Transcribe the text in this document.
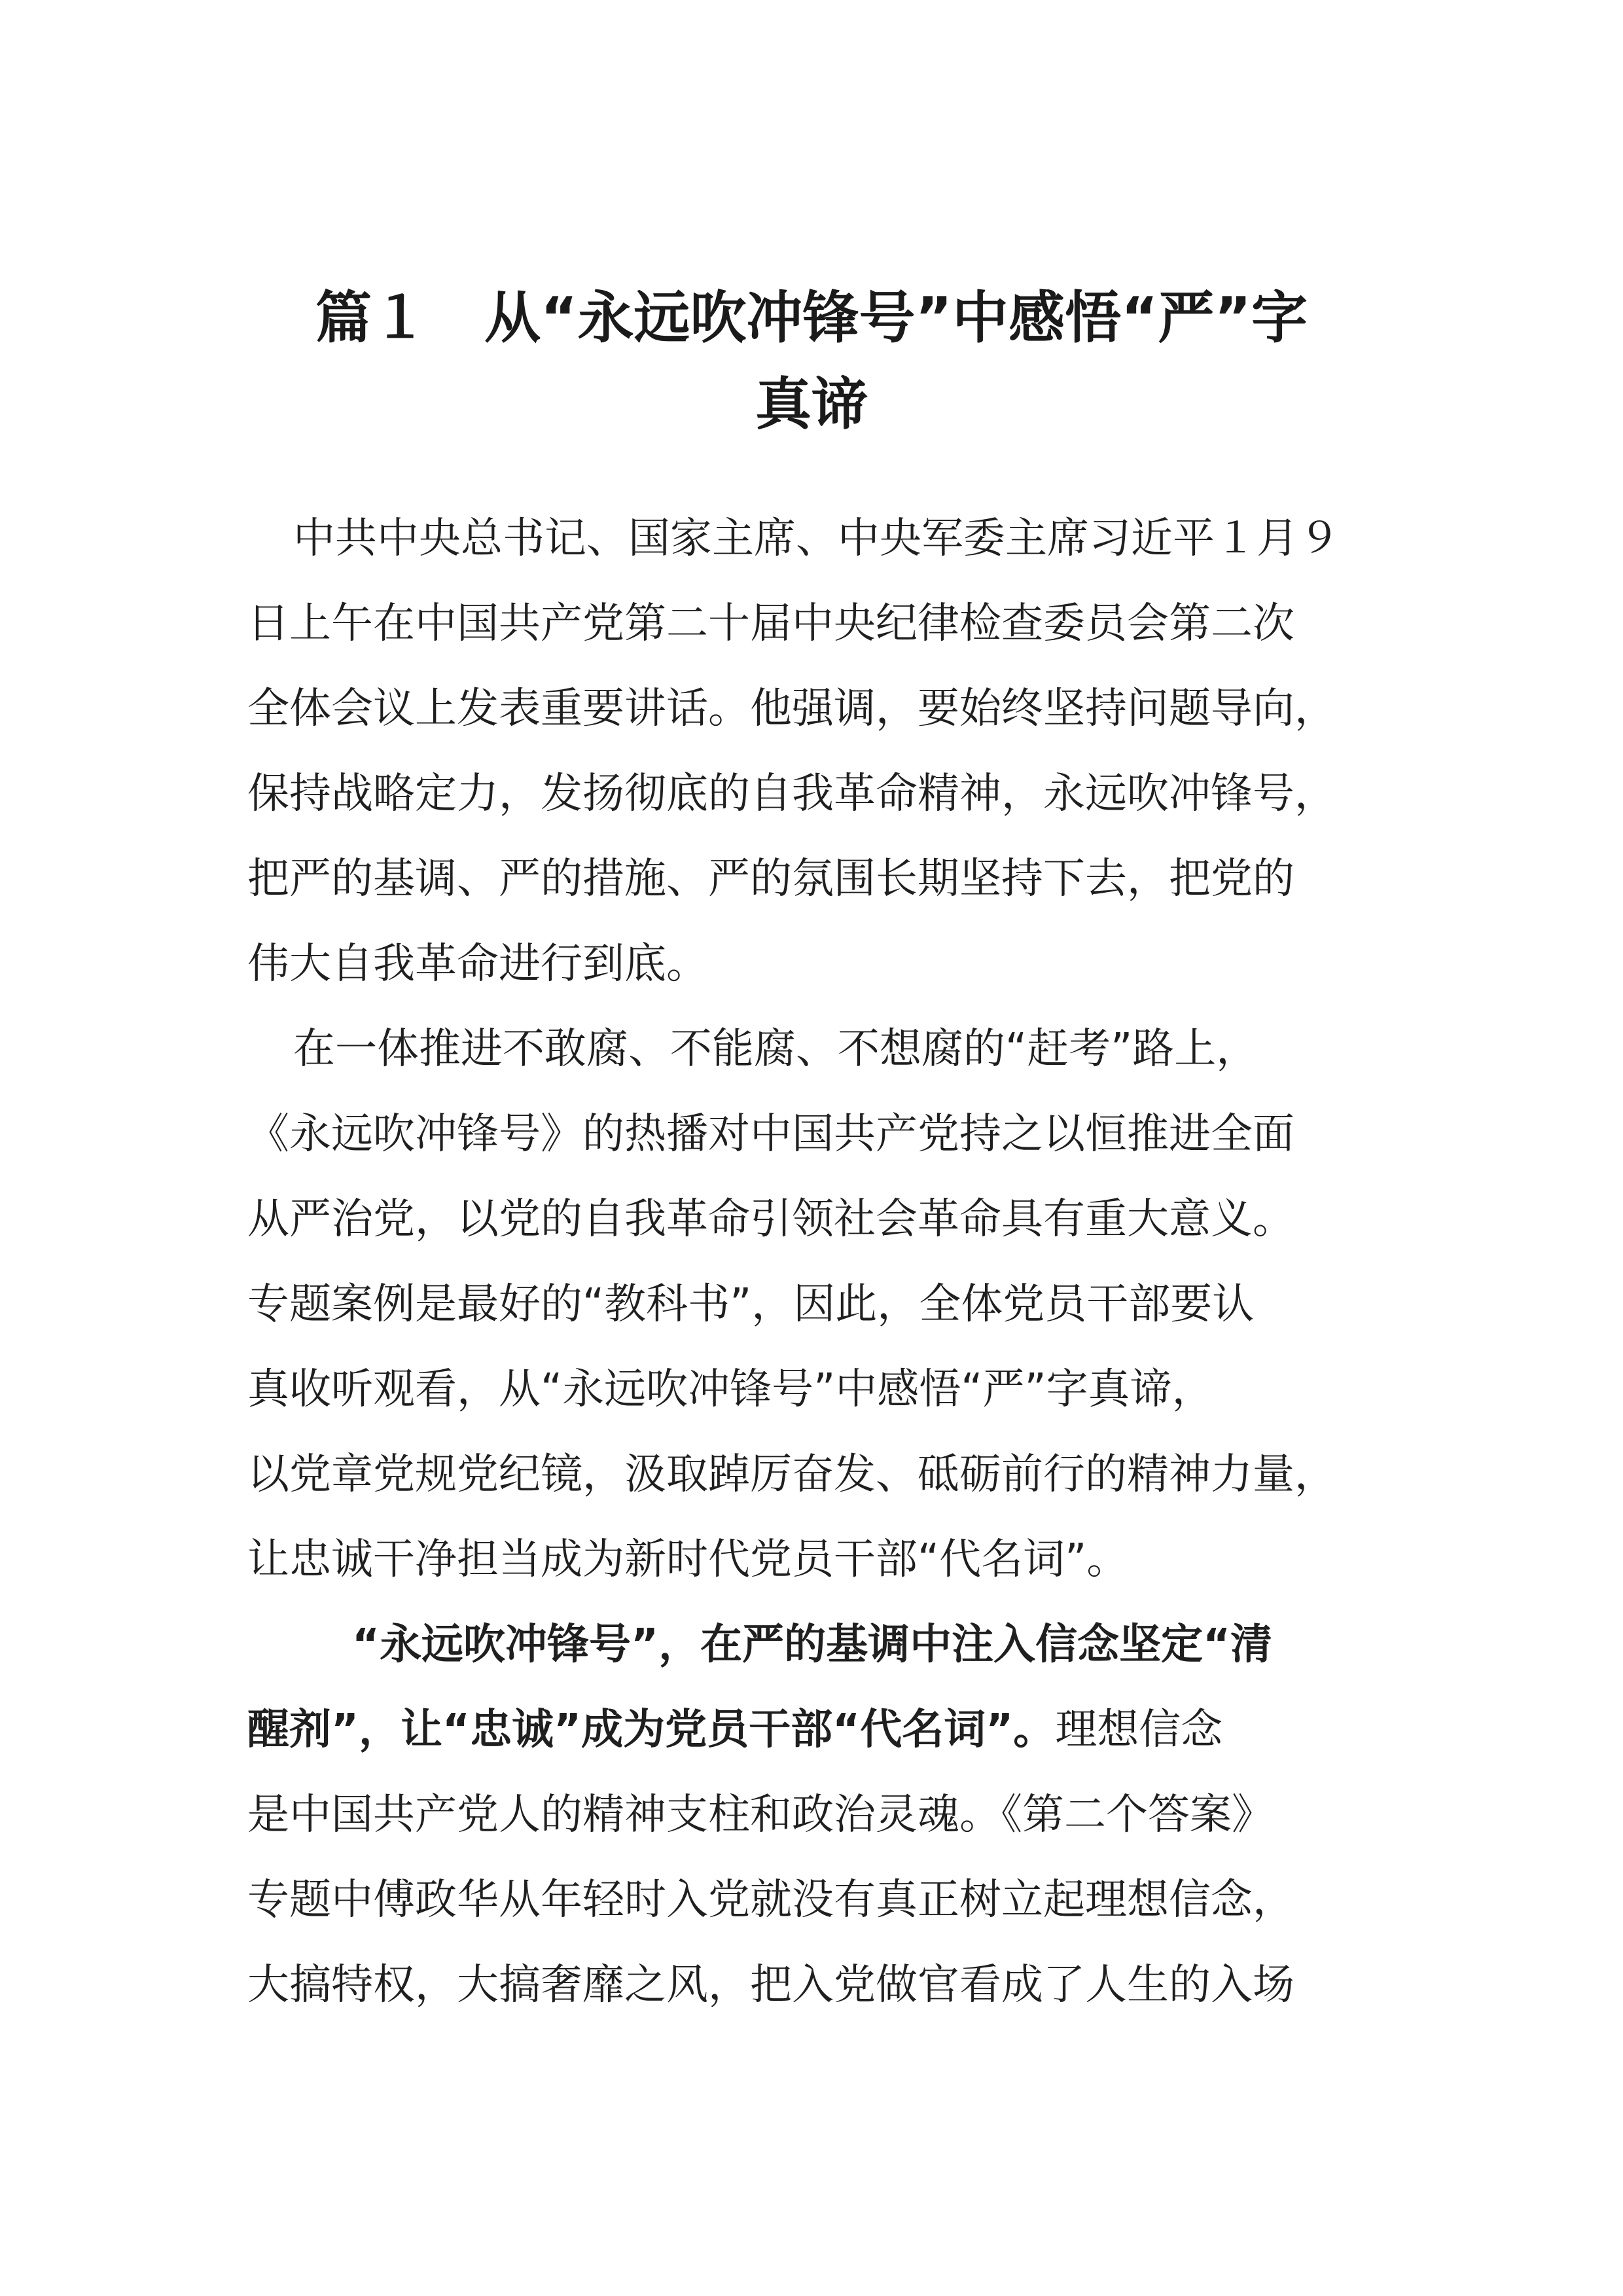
篇１　从“永远吹冲锋号”中感悟“严”字
真谛
中共中央总书记、国家主席、中央军委主席习近平１月９
日上午在中国共产党第二十届中央纪律检查委员会第二次
全体会议上发表重要讲话。他强调，要始终坚持问题导向，
保持战略定力，发扬彻底的自我革命精神，永远吹冲锋号，
把严的基调、严的措施、严的氛围长期坚持下去，把党的
伟大自我革命进行到底。
在一体推进不敢腐、不能腐、不想腐的“赶考”路上，
《永远吹冲锋号》的热播对中国共产党持之以恒推进全面
从严治党，以党的自我革命引领社会革命具有重大意义。
专题案例是最好的“教科书”，因此，全体党员干部要认
真收听观看，从“永远吹冲锋号”中感悟“严”字真谛，
以党章党规党纪镜，汲取踔厉奋发、砥砺前行的精神力量，
让忠诚干净担当成为新时代党员干部“代名词”。
“永远吹冲锋号”，在严的基调中注入信念坚定“清
醒剂”，让“忠诚”成为党员干部“代名词”。理想信念
是中国共产党人的精神支柱和政治灵魂。《第二个答案》
专题中傅政华从年轻时入党就没有真正树立起理想信念，
大搞特权，大搞奢靡之风，把入党做官看成了人生的入场
